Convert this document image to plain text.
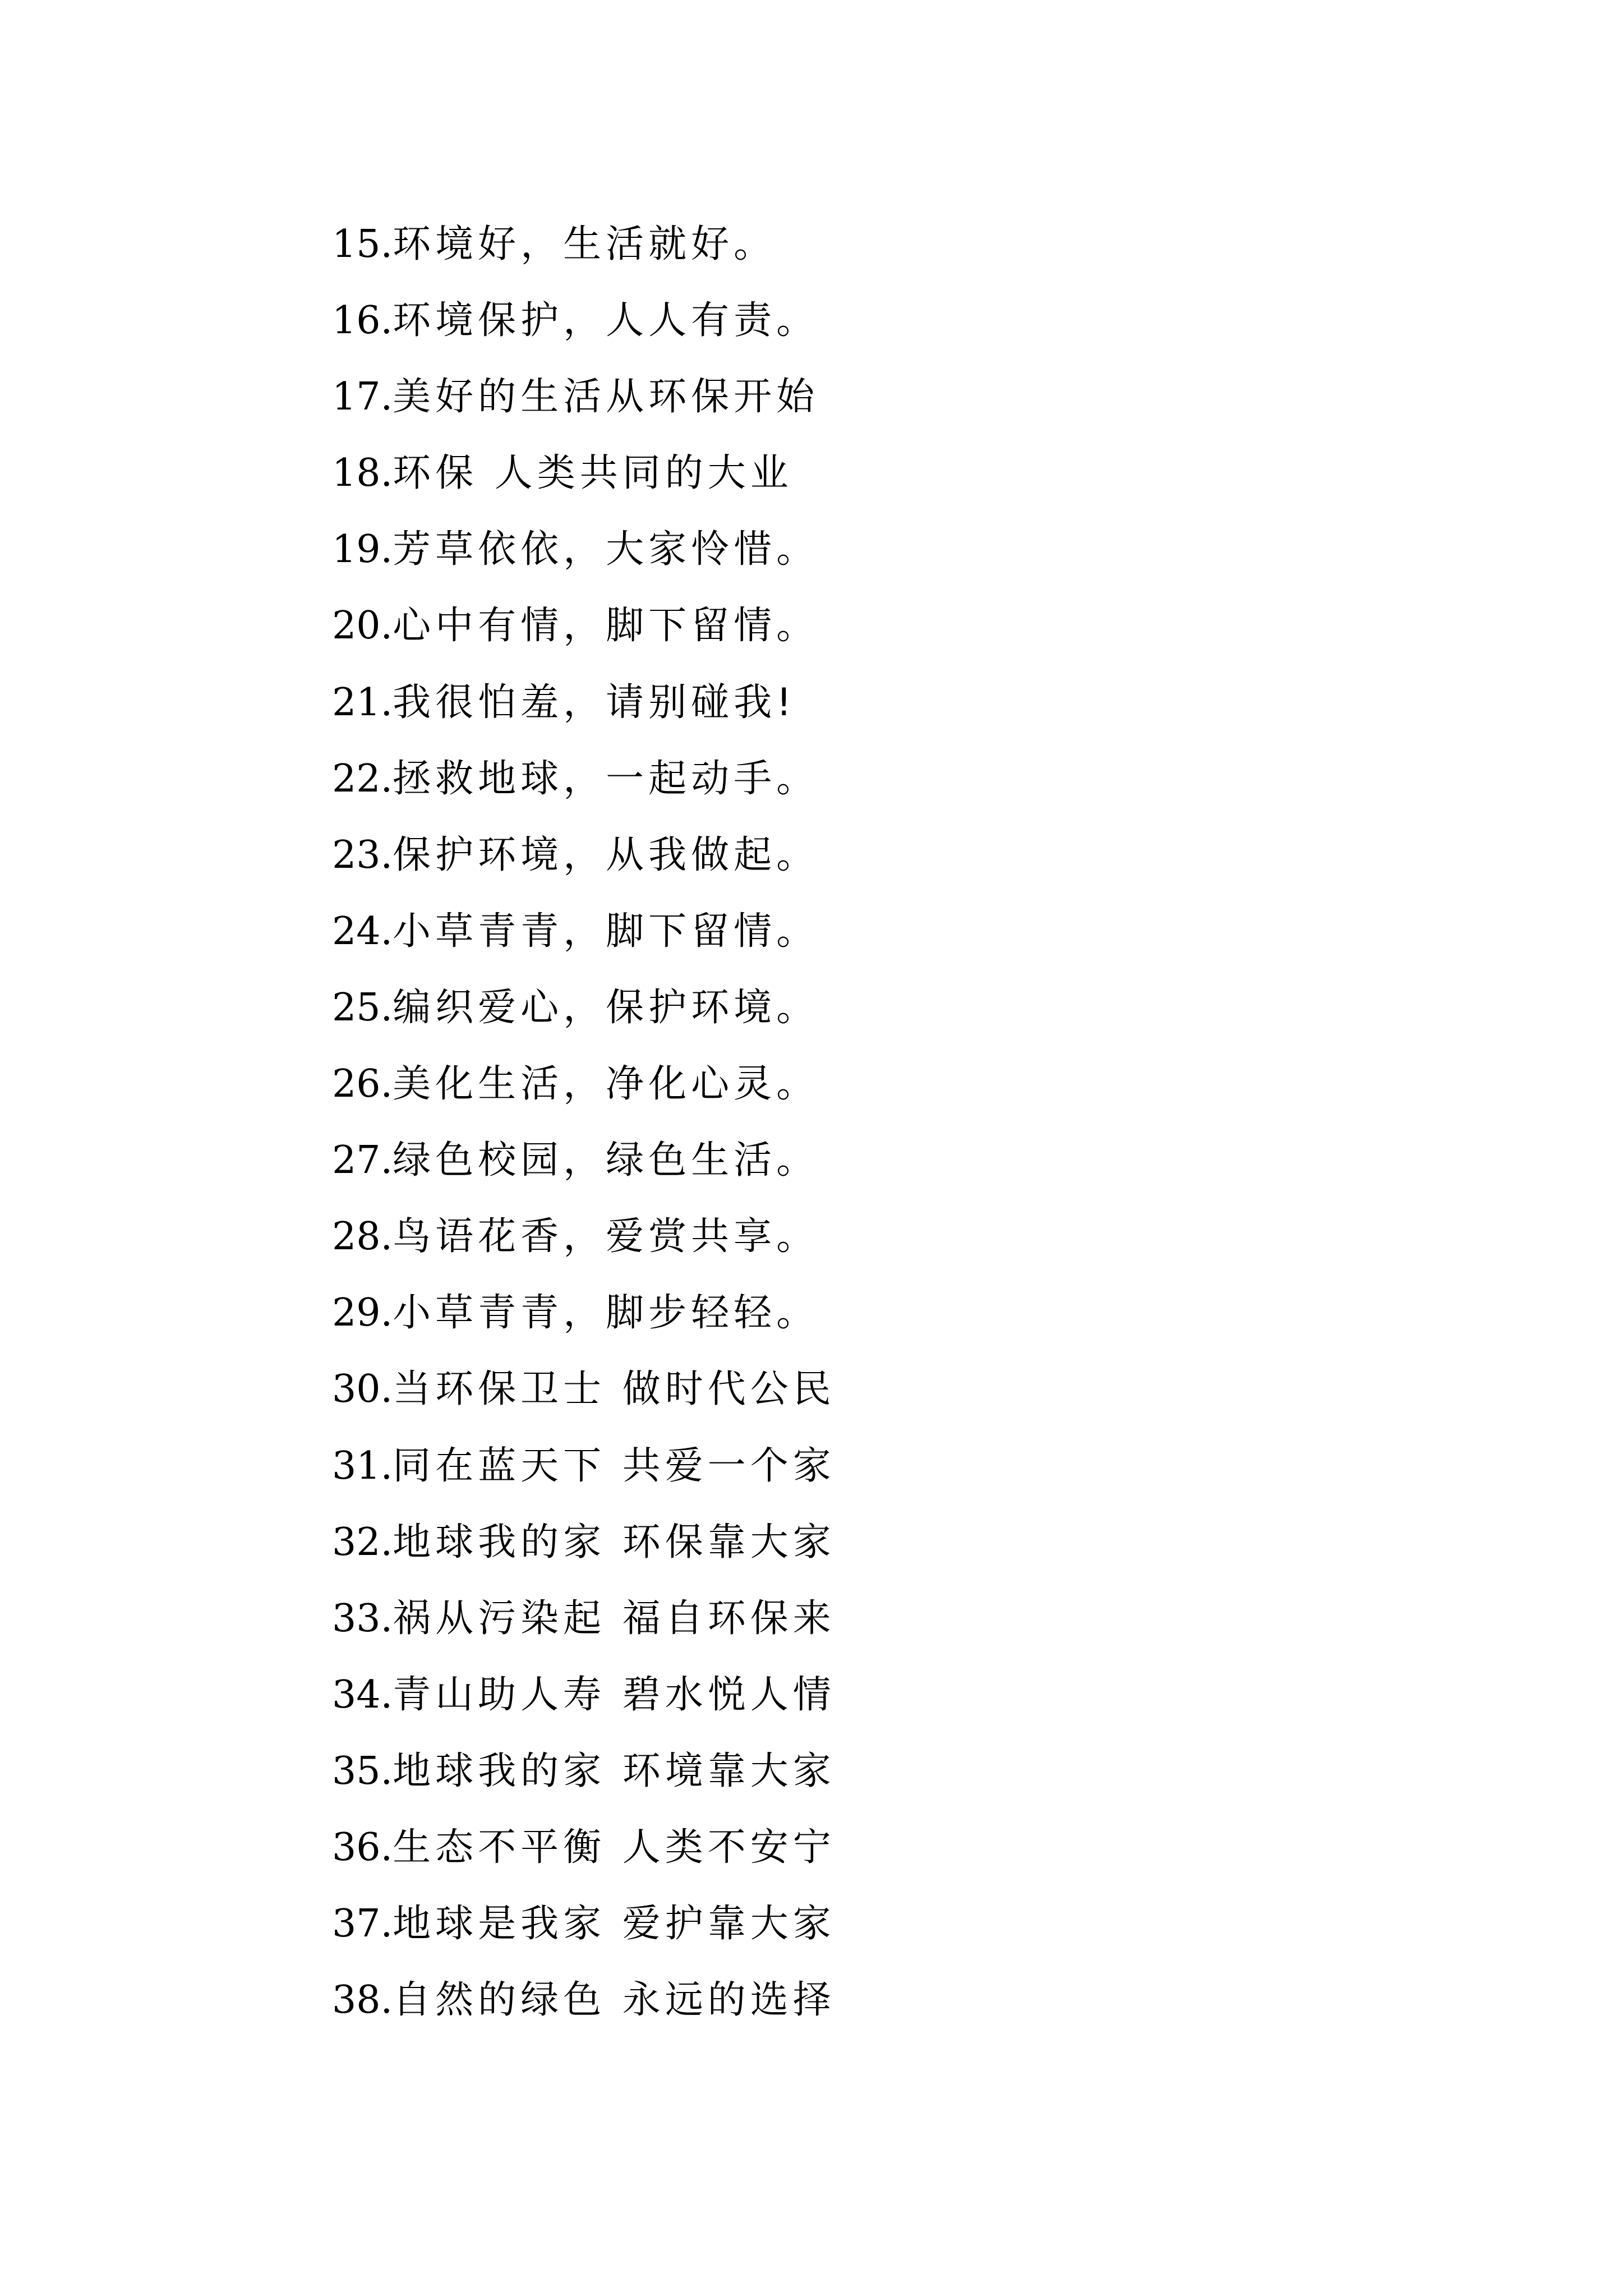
15. 环境好，生活就好。
16. 环境保护，人人有责。
17. 美好的生活从环保开始
18. 环保 人类共同的大业
19. 芳草依依，大家怜惜。
20. 心中有情，脚下留情。
21. 我很怕羞，请别碰我!
22. 拯救地球，一起动手。
23. 保护环境，从我做起。
24. 小草青青，脚下留情。
25. 编织爱心，保护环境。
26. 美化生活，净化心灵。
27. 绿色校园，绿色生活。
28. 鸟语花香，爱赏共享。
29. 小草青青，脚步轻轻。
30. 当环保卫士 做时代公民
31. 同在蓝天下 共爱一个家
32. 地球我的家 环保靠大家
33. 祸从污染起 福自环保来
34. 青山助人寿 碧水悦人情
35. 地球我的家 环境靠大家
36. 生态不平衡 人类不安宁
37. 地球是我家 爱护靠大家
38. 自然的绿色 永远的选择
